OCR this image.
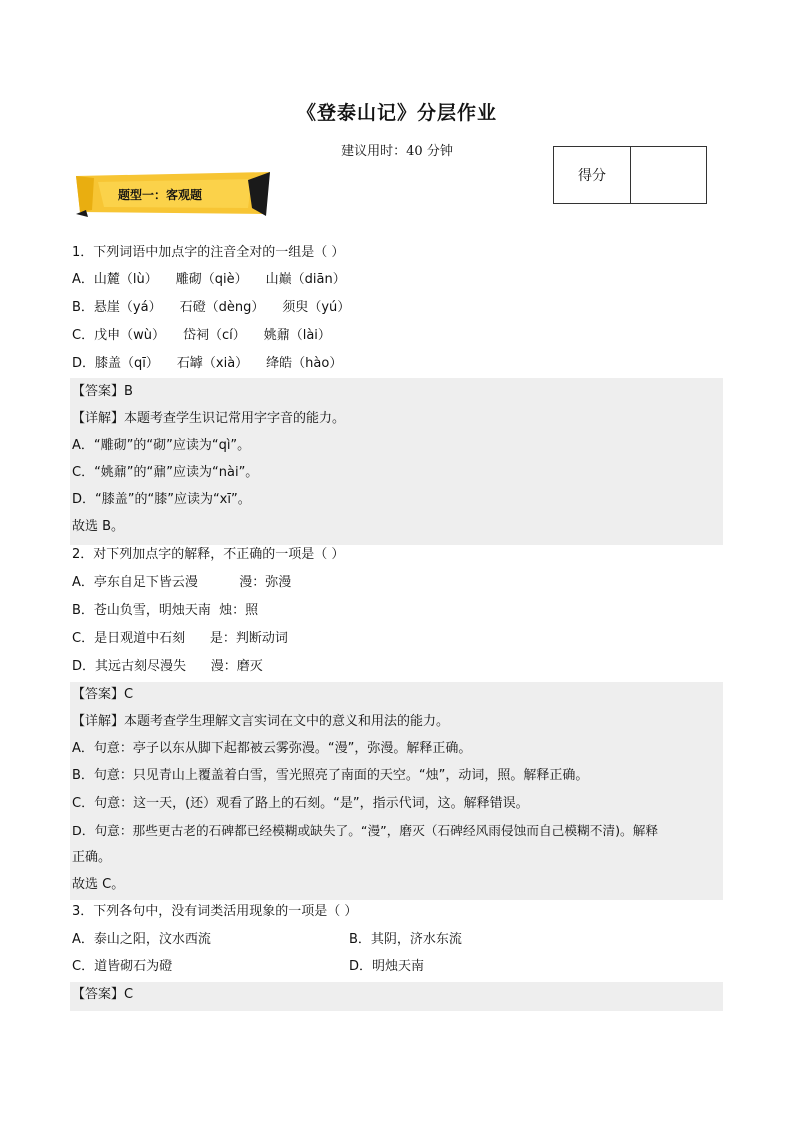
《登泰山记》分层作业
建议用时：40 分钟
得分
题型一：客观题
1．下列词语中加点字的注音全对的一组是（ ）
A．山麓（lù） 雕砌（qiè） 山巅（diān）
B．悬崖（yá） 石磴（dèng） 须臾（yú）
C．戊申（wù） 岱祠（cí） 姚鼐（lài）
D．膝盖（qī） 石罅（xià） 绛皓（hào）
【答案】B
【详解】本题考查学生识记常用字字音的能力。
A．“雕砌”的“砌”应读为“qì”。
C．“姚鼐”的“鼐”应读为“nài”。
D．“膝盖”的“膝”应读为“xī”。
故选 B。
2．对下列加点字的解释，不正确的一项是（ ）
A．亭东自足下皆云漫          漫：弥漫
B．苍山负雪，明烛天南  烛：照
C．是日观道中石刻      是：判断动词
D．其远古刻尽漫失      漫：磨灭
【答案】C
【详解】本题考查学生理解文言实词在文中的意义和用法的能力。
A．句意：亭子以东从脚下起都被云雾弥漫。“漫”，弥漫。解释正确。
B．句意：只见青山上覆盖着白雪，雪光照亮了南面的天空。“烛”，动词，照。解释正确。
C．句意：这一天，(还）观看了路上的石刻。“是”，指示代词，这。解释错误。
D．句意：那些更古老的石碑都已经模糊或缺失了。“漫”，磨灭（石碑经风雨侵蚀而自己模糊不清)。解释
正确。
故选 C。
3．下列各句中，没有词类活用现象的一项是（ ）
A．泰山之阳，汶水西流	B．其阴，济水东流
C．道皆砌石为磴	D．明烛天南
【答案】C
